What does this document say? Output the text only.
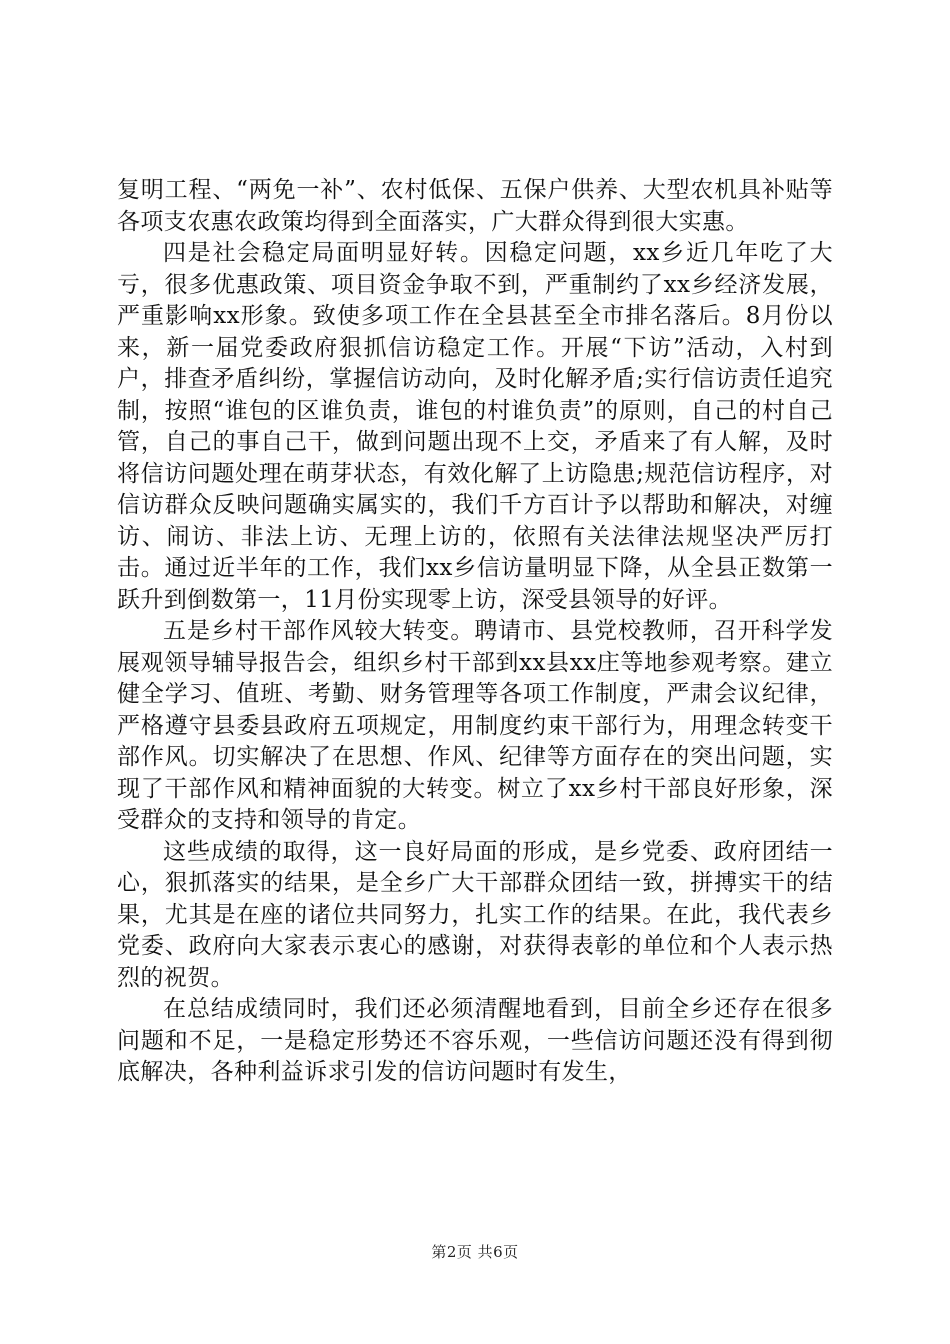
复明工程、“两免一补”、农村低保、五保户供养、大型农机具补贴等各项支农惠农政策均得到全面落实，广大群众得到很大实惠。

四是社会稳定局面明显好转。因稳定问题，xx乡近几年吃了大亏，很多优惠政策、项目资金争取不到，严重制约了xx乡经济发展，严重影响xx形象。致使多项工作在全县甚至全市排名落后。8月份以来，新一届党委政府狠抓信访稳定工作。开展“下访”活动，入村到户，排查矛盾纠纷，掌握信访动向，及时化解矛盾;实行信访责任追究制，按照“谁包的区谁负责，谁包的村谁负责”的原则，自己的村自己管，自己的事自己干，做到问题出现不上交，矛盾来了有人解，及时将信访问题处理在萌芽状态，有效化解了上访隐患;规范信访程序，对信访群众反映问题确实属实的，我们千方百计予以帮助和解决，对缠访、闹访、非法上访、无理上访的，依照有关法律法规坚决严厉打击。通过近半年的工作，我们xx乡信访量明显下降，从全县正数第一跃升到倒数第一，11月份实现零上访，深受县领导的好评。

五是乡村干部作风较大转变。聘请市、县党校教师，召开科学发展观领导辅导报告会，组织乡村干部到xx县xx庄等地参观考察。建立健全学习、值班、考勤、财务管理等各项工作制度，严肃会议纪律，严格遵守县委县政府五项规定，用制度约束干部行为，用理念转变干部作风。切实解决了在思想、作风、纪律等方面存在的突出问题，实现了干部作风和精神面貌的大转变。树立了xx乡村干部良好形象，深受群众的支持和领导的肯定。

这些成绩的取得，这一良好局面的形成，是乡党委、政府团结一心，狠抓落实的结果，是全乡广大干部群众团结一致，拼搏实干的结果，尤其是在座的诸位共同努力，扎实工作的结果。在此，我代表乡党委、政府向大家表示衷心的感谢，对获得表彰的单位和个人表示热烈的祝贺。

在总结成绩同时，我们还必须清醒地看到，目前全乡还存在很多问题和不足，一是稳定形势还不容乐观，一些信访问题还没有得到彻底解决，各种利益诉求引发的信访问题时有发生，

第2页 共6页
